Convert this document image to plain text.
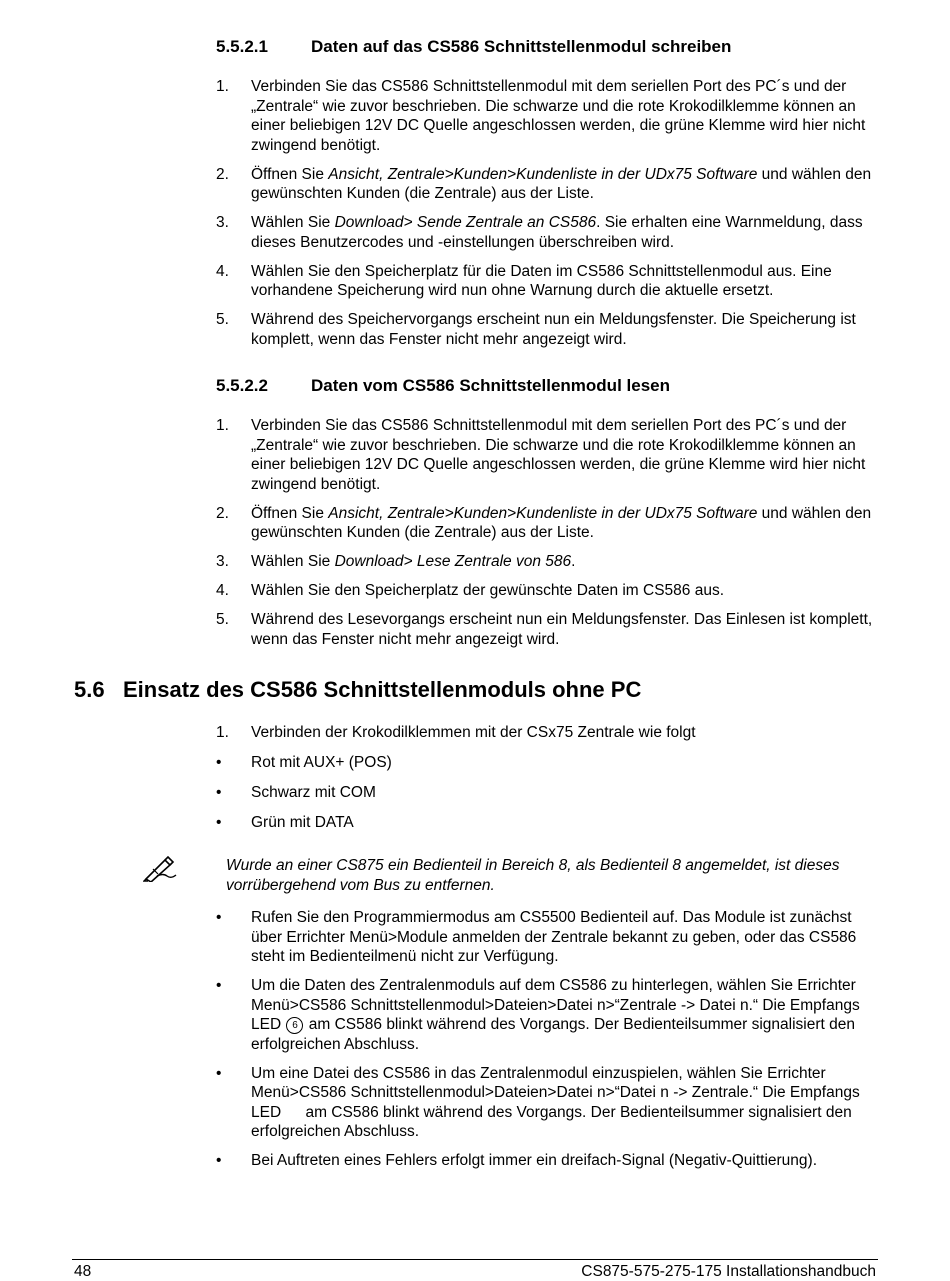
5.5.2.1	Daten auf das CS586 Schnittstellenmodul schreiben
1.	Verbinden Sie das CS586 Schnittstellenmodul mit dem seriellen Port des PC´s und der „Zentrale“ wie zuvor beschrieben. Die schwarze und die rote Krokodilklemme können an einer beliebigen 12V DC Quelle angeschlossen werden, die grüne Klemme wird hier nicht zwingend benötigt.
2.	Öffnen Sie Ansicht, Zentrale>Kunden>Kundenliste in der UDx75 Software und wählen den gewünschten Kunden (die Zentrale) aus der Liste.
3.	Wählen Sie Download> Sende Zentrale an CS586. Sie erhalten eine Warnmeldung, dass dieses Benutzercodes und -einstellungen überschreiben wird.
4.	Wählen Sie den Speicherplatz für die Daten im CS586 Schnittstellenmodul aus. Eine vorhandene Speicherung wird nun ohne Warnung durch die aktuelle ersetzt.
5.	Während des Speichervorgangs erscheint nun ein Meldungsfenster. Die Speicherung ist komplett, wenn das Fenster nicht mehr angezeigt wird.
5.5.2.2	Daten vom CS586 Schnittstellenmodul lesen
1.	Verbinden Sie das CS586 Schnittstellenmodul mit dem seriellen Port des PC´s und der „Zentrale“ wie zuvor beschrieben. Die schwarze und die rote Krokodilklemme können an einer beliebigen 12V DC Quelle angeschlossen werden, die grüne Klemme wird hier nicht zwingend benötigt.
2.	Öffnen Sie Ansicht, Zentrale>Kunden>Kundenliste in der UDx75 Software und wählen den gewünschten Kunden (die Zentrale) aus der Liste.
3.	Wählen Sie Download> Lese Zentrale von 586.
4.	Wählen Sie den Speicherplatz der gewünschte Daten im CS586 aus.
5.	Während des Lesevorgangs erscheint nun ein Meldungsfenster. Das Einlesen ist komplett, wenn das Fenster nicht mehr angezeigt wird.
5.6 Einsatz des CS586 Schnittstellenmoduls ohne PC
1.	Verbinden der Krokodilklemmen mit der CSx75 Zentrale wie folgt
•	Rot mit AUX+ (POS)
•	Schwarz mit COM
•	Grün mit DATA
Wurde an einer CS875 ein Bedienteil in Bereich 8, als Bedienteil 8 angemeldet, ist dieses vorrübergehend vom Bus zu entfernen.
•	Rufen Sie den Programmiermodus am CS5500 Bedienteil auf. Das Module ist zunächst über Errichter Menü>Module anmelden der Zentrale bekannt zu geben, oder das CS586 steht im Bedienteilmenü nicht zur Verfügung.
•	Um die Daten des Zentralenmoduls auf dem CS586 zu hinterlegen, wählen Sie Errichter Menü>CS586 Schnittstellenmodul>Dateien>Datei n>“Zentrale -> Datei n.“ Die Empfangs LED 6 am CS586 blinkt während des Vorgangs. Der Bedienteilsummer signalisiert den erfolgreichen Abschluss.
•	Um eine Datei des CS586 in das Zentralenmodul einzuspielen, wählen Sie Errichter Menü>CS586 Schnittstellenmodul>Dateien>Datei n>“Datei n -> Zentrale.“ Die Empfangs LED am CS586 blinkt während des Vorgangs. Der Bedienteilsummer signalisiert den erfolgreichen Abschluss.
•	Bei Auftreten eines Fehlers erfolgt immer ein dreifach-Signal (Negativ-Quittierung).
48	CS875-575-275-175 Installationshandbuch
